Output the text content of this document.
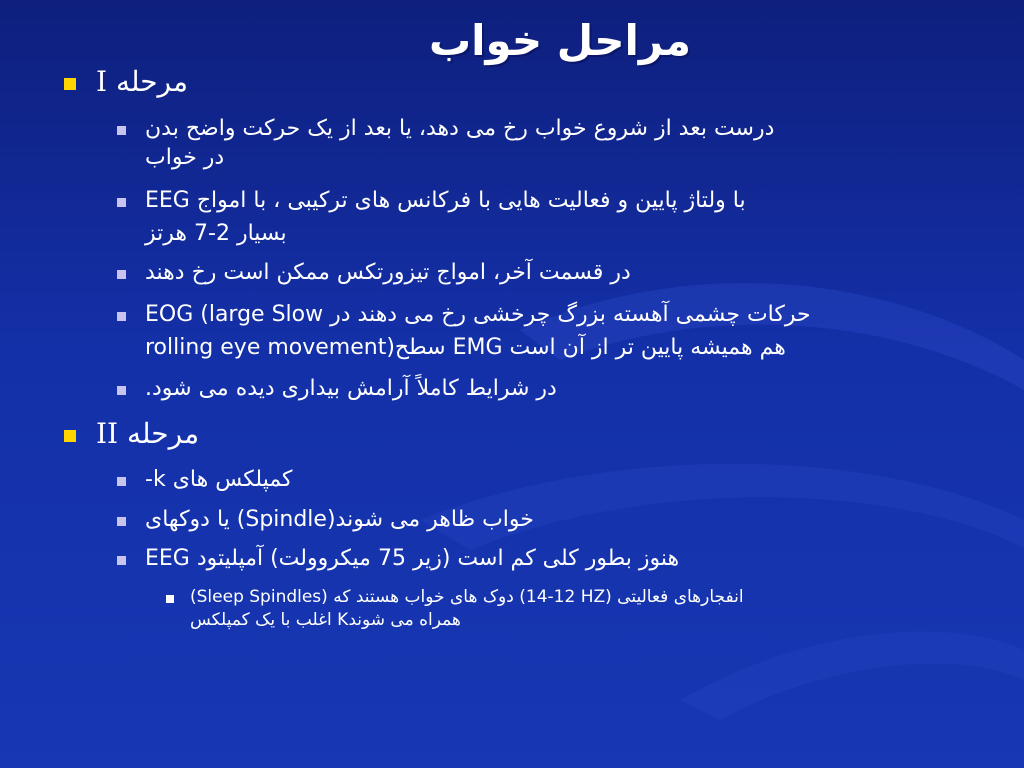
مراحل خواب
مرحله I
درست بعد از شروع خواب رخ می دهد، یا بعد از یک حرکت واضح بدن
در خواب
EEG با ولتاژ پایین و فعالیت هایی با فرکانس های ترکیبی ، با امواج
بسیار 2-7 هرتز
در قسمت آخر، امواج تیزورتکس ممکن است رخ دهند
EOG (large Slow حرکات چشمی آهسته بزرگ چرخشی رخ می دهند در
rolling eye movement)سطح EMG هم همیشه پایین تر از آن است
در شرایط کاملاً آرامش بیداری دیده می شود.
مرحله II
کمپلکس های k-
خواب ظاهر می شوند(Spindle) یا دوکهای
هنوز بطور کلی کم است (زیر 75 میکروولت) آمپلیتود EEG
(Sleep Spindles) دوک های خواب هستند که (12-14 HZ) انفجارهای فعالیتی
همراه می شوندK اغلب با یک کمپلکس
